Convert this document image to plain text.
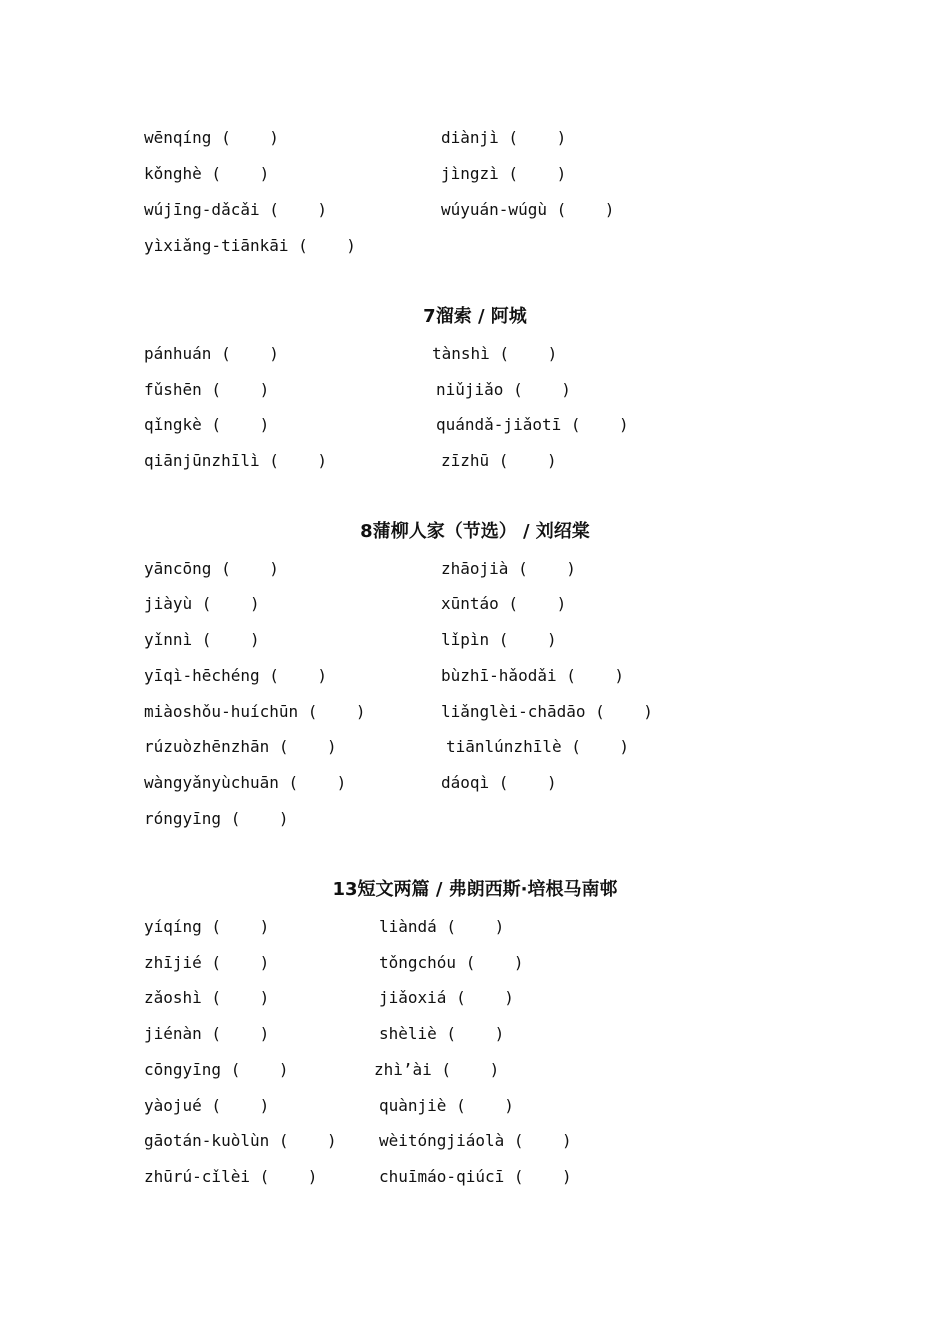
wēnqíng (    )	diànjì (    )
kǒnghè (    )	jìngzì (    )
wújīng-dǎcǎi (    )	wúyuán-wúgù (    )
yìxiǎng-tiānkāi (    )
7溜索 / 阿城
pánhuán (    )	tànshì (    )
fǔshēn (    )	niǔjiǎo (    )
qǐngkè (    )	quándǎ-jiǎotī (    )
qiānjūnzhīlì (    )	zīzhū (    )
8蒲柳人家（节选） / 刘绍棠
yāncōng (    )	zhāojià (    )
jiàyù (    )	xūntáo (    )
yǐnnì (    )	lǐpìn (    )
yīqì-hēchéng (    )	bùzhī-hǎodǎi (    )
miàoshǒu-huíchūn (    )	liǎnglèi-chādāo (    )
rúzuòzhēnzhān (    )	tiānlúnzhīlè (    )
wàngyǎnyùchuān (    )	dáoqì (    )
róngyīng (    )
13短文两篇 / 弗朗西斯·培根马南邨
yíqíng (    )	liàndá (    )
zhījié (    )	tǒngchóu (    )
zǎoshì (    )	jiǎoxiá (    )
jiénàn (    )	shèliè (    )
cōngyīng (    )	zhì’ài (    )
yàojué (    )	quànjiè (    )
gāotán-kuòlùn (    )	wèitóngjiáolà (    )
zhūrú-cǐlèi (    )	chuīmáo-qiúcī (    )
